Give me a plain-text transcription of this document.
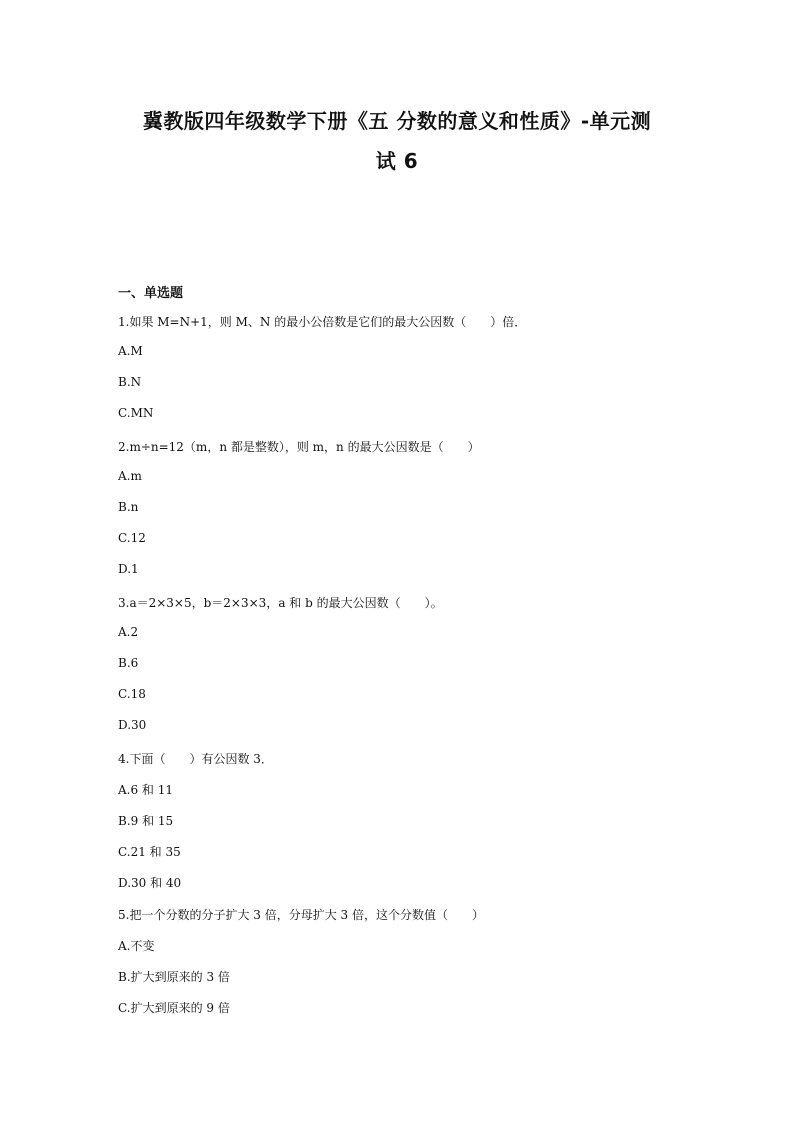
冀教版四年级数学下册《五 分数的意义和性质》-单元测
试 6
一、单选题
1.如果 M=N+1，则 M、N 的最小公倍数是它们的最大公因数（　　）倍．
A.M
B.N
C.MN
2.m÷n=12（m，n 都是整数），则 m，n 的最大公因数是（　　）
A.m
B.n
C.12
D.1
3.a＝2×3×5，b＝2×3×3，a 和 b 的最大公因数（　　）。
A.2
B.6
C.18
D.30
4.下面（　　）有公因数 3．
A.6 和 11
B.9 和 15
C.21 和 35
D.30 和 40
5.把一个分数的分子扩大 3 倍，分母扩大 3 倍，这个分数值（　　）
A.不变
B.扩大到原来的 3 倍
C.扩大到原来的 9 倍
